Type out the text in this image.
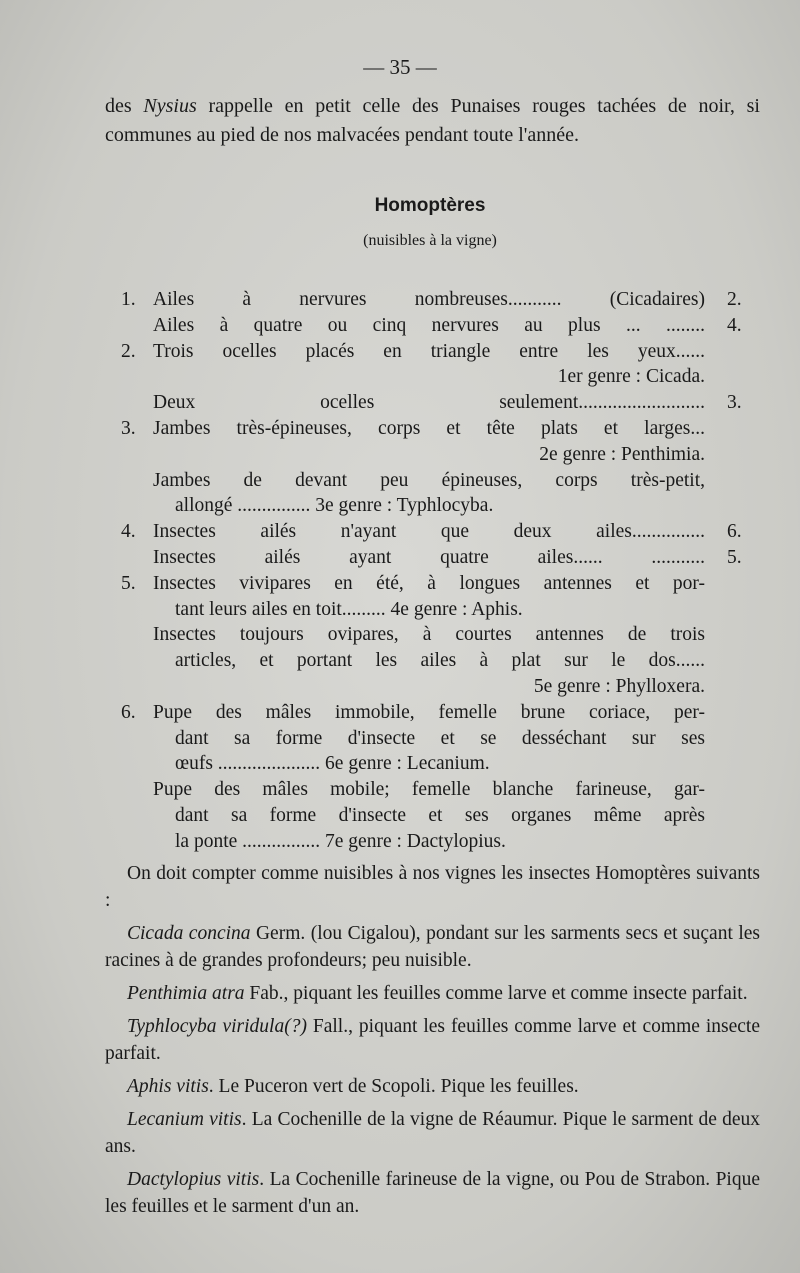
— 35 —
des Nysius rappelle en petit celle des Punaises rouges tachées de noir, si communes au pied de nos malvacées pendant toute l'année.
Homoptères
(nuisibles à la vigne)
1. Ailes à nervures nombreuses........... (Cicadaires) 2.
Ailes à quatre ou cinq nervures au plus ... ........ 4.
2. Trois ocelles placés en triangle entre les yeux......
1er genre : Cicada.
Deux ocelles seulement.......................... 3.
3. Jambes très-épineuses, corps et tête plats et larges...
2e genre : Penthimia.
Jambes de devant peu épineuses, corps très-petit,
allongé ............... 3e genre : Typhlocyba.
4. Insectes ailés n'ayant que deux ailes............... 6.
Insectes ailés ayant quatre ailes...... ........... 5.
5. Insectes vivipares en été, à longues antennes et por-
tant leurs ailes en toit......... 4e genre : Aphis.
Insectes toujours ovipares, à courtes antennes de trois
articles, et portant les ailes à plat sur le dos......
5e genre : Phylloxera.
6. Pupe des mâles immobile, femelle brune coriace, per-
dant sa forme d'insecte et se desséchant sur ses
œufs ..................... 6e genre : Lecanium.
Pupe des mâles mobile; femelle blanche farineuse, gar-
dant sa forme d'insecte et ses organes même après
la ponte ................ 7e genre : Dactylopius.

On doit compter comme nuisibles à nos vignes les insectes Homoptères suivants :

Cicada concina Germ. (lou Cigalou), pondant sur les sarments secs et suçant les racines à de grandes profondeurs; peu nuisible.

Penthimia atra Fab., piquant les feuilles comme larve et comme insecte parfait.

Typhlocyba viridula(?) Fall., piquant les feuilles comme larve et comme insecte parfait.

Aphis vitis. Le Puceron vert de Scopoli. Pique les feuilles.

Lecanium vitis. La Cochenille de la vigne de Réaumur. Pique le sarment de deux ans.

Dactylopius vitis. La Cochenille farineuse de la vigne, ou Pou de Strabon. Pique les feuilles et le sarment d'un an.
